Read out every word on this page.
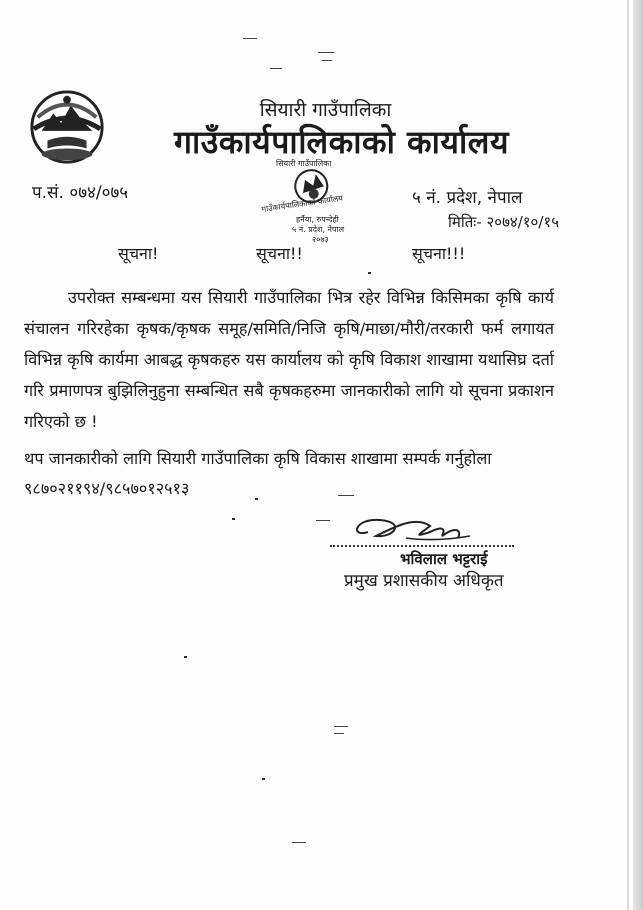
सियारी गाउँपालिका
गाउँकार्यपालिकाको कार्यालय
प.सं. ०७४/०७५	५ नं. प्रदेश, नेपाल
मितिः- २०७४/१०/१५
सियारी गाउँपालिका
गाउँकार्यपालिकाको कार्यालय
हर्नैया, रुपन्देही
५ नं. प्रदेश, नेपाल
२०७३
सूचना!	सूचना!!	सूचना!!!
उपरोक्त सम्बन्धमा यस सियारी गाउँपालिका भित्र रहेर विभिन्न किसिमका कृषि कार्य संचालन गरिरहेका कृषक/कृषक समूह/समिति/निजि कृषि/माछा/मौरी/तरकारी फर्म लगायत विभिन्न कृषि कार्यमा आबद्ध कृषकहरु यस कार्यालय को कृषि विकाश शाखामा यथासिघ्र दर्ता गरि प्रमाणपत्र बुझिलिनुहुना सम्बन्धित सबै कृषकहरुमा जानकारीको लागि यो सूचना प्रकाशन गरिएको छ !
थप जानकारीको लागि सियारी गाउँपालिका कृषि विकास शाखामा सम्पर्क गर्नुहोला
९८७०२११९४/९८५७०१२५१३
भविलाल भट्टराई
प्रमुख प्रशासकीय अधिकृत
